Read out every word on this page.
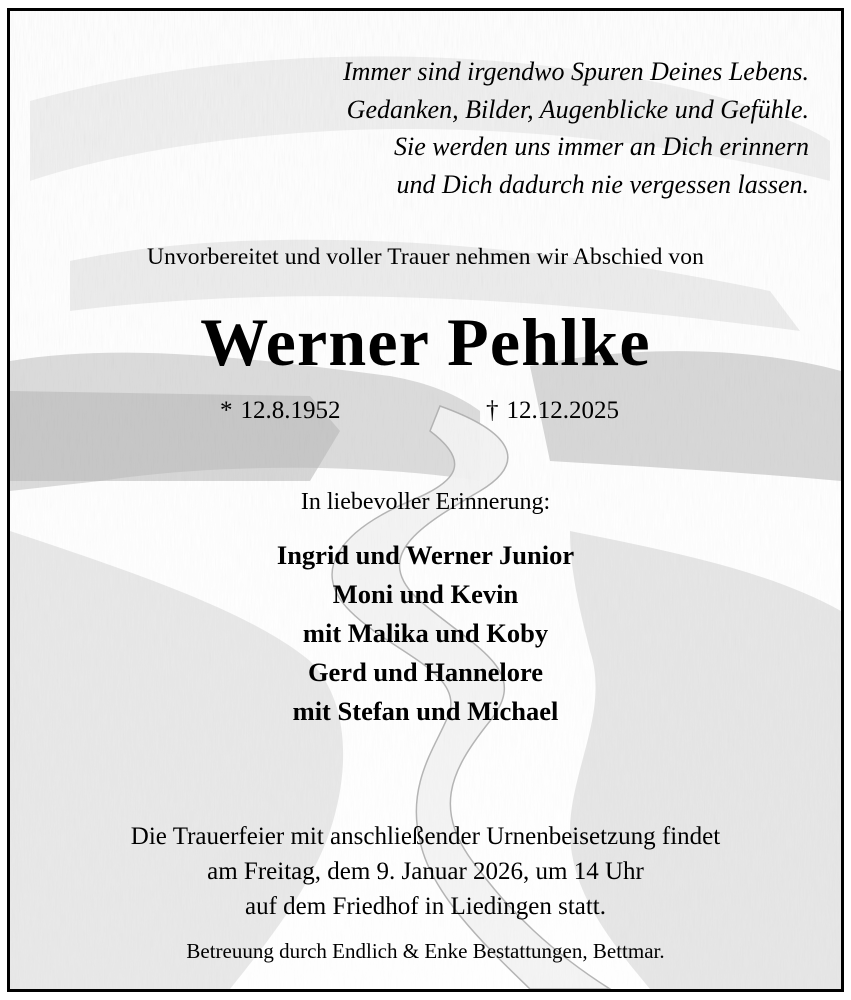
Immer sind irgendwo Spuren Deines Lebens.
Gedanken, Bilder, Augenblicke und Gefühle.
Sie werden uns immer an Dich erinnern
und Dich dadurch nie vergessen lassen.
Unvorbereitet und voller Trauer nehmen wir Abschied von
Werner Pehlke
* 12.8.1952	† 12.12.2025
In liebevoller Erinnerung:
Ingrid und Werner Junior
Moni und Kevin
mit Malika und Koby
Gerd und Hannelore
mit Stefan und Michael
Die Trauerfeier mit anschließender Urnenbeisetzung findet
am Freitag, dem 9. Januar 2026, um 14 Uhr
auf dem Friedhof in Liedingen statt.
Betreuung durch Endlich & Enke Bestattungen, Bettmar.
